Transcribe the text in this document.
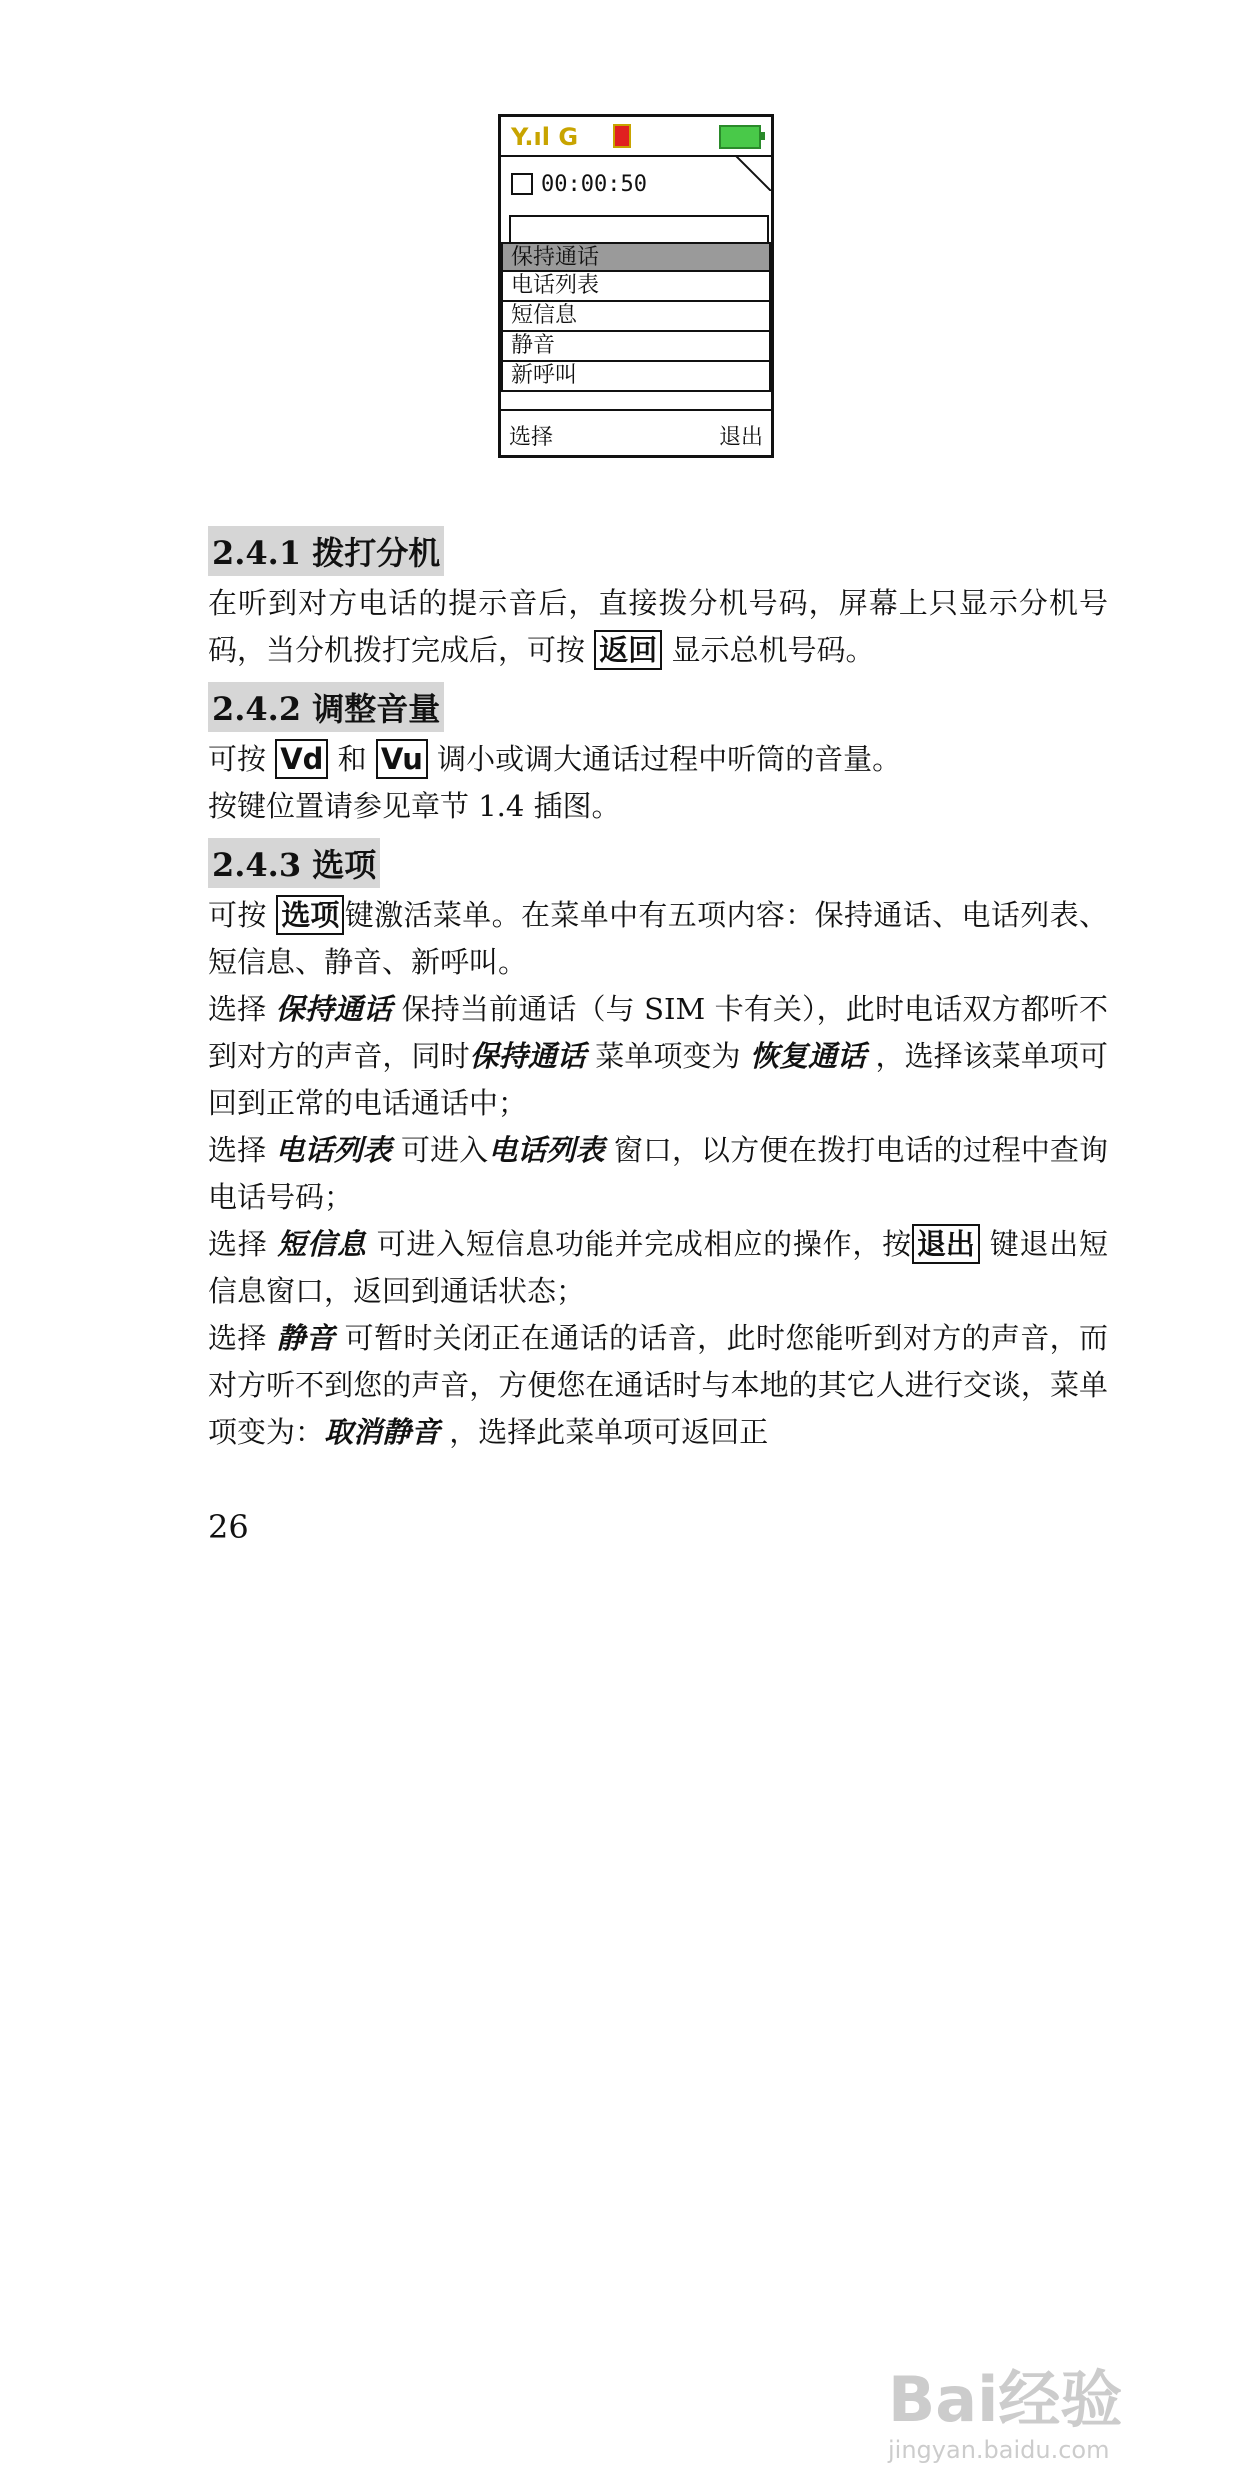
Y.ıl G
00:00:50
保持通话
电话列表
短信息
静音
新呼叫
选择	退出
2.4.1 拨打分机

在听到对方电话的提示音后，直接拨分机号码，屏幕上只显示分机号码，当分机拨打完成后，可按 返回 显示总机号码。

2.4.2 调整音量

可按 Vd 和 Vu 调小或调大通话过程中听筒的音量。

按键位置请参见章节 1.4 插图。

2.4.3 选项

可按 选项 键激活菜单。在菜单中有五项内容：保持通话、电话列表、短信息、静音、新呼叫。

选择 保持通话 保持当前通话（与 SIM 卡有关），此时电话双方都听不到对方的声音，同时保持通话 菜单项变为 恢复通话 ，选择该菜单项可回到正常的电话通话中；

选择 电话列表 可进入电话列表 窗口，以方便在拨打电话的过程中查询电话号码；

选择 短信息 可进入短信息功能并完成相应的操作，按 退出 键退出短信息窗口，返回到通话状态；

选择 静音 可暂时关闭正在通话的话音，此时您能听到对方的声音，而对方听不到您的声音，方便您在通话时与本地的其它人进行交谈，菜单项变为：取消静音 ，选择此菜单项可返回正

26
Bai经验
jingyan.baidu.com
